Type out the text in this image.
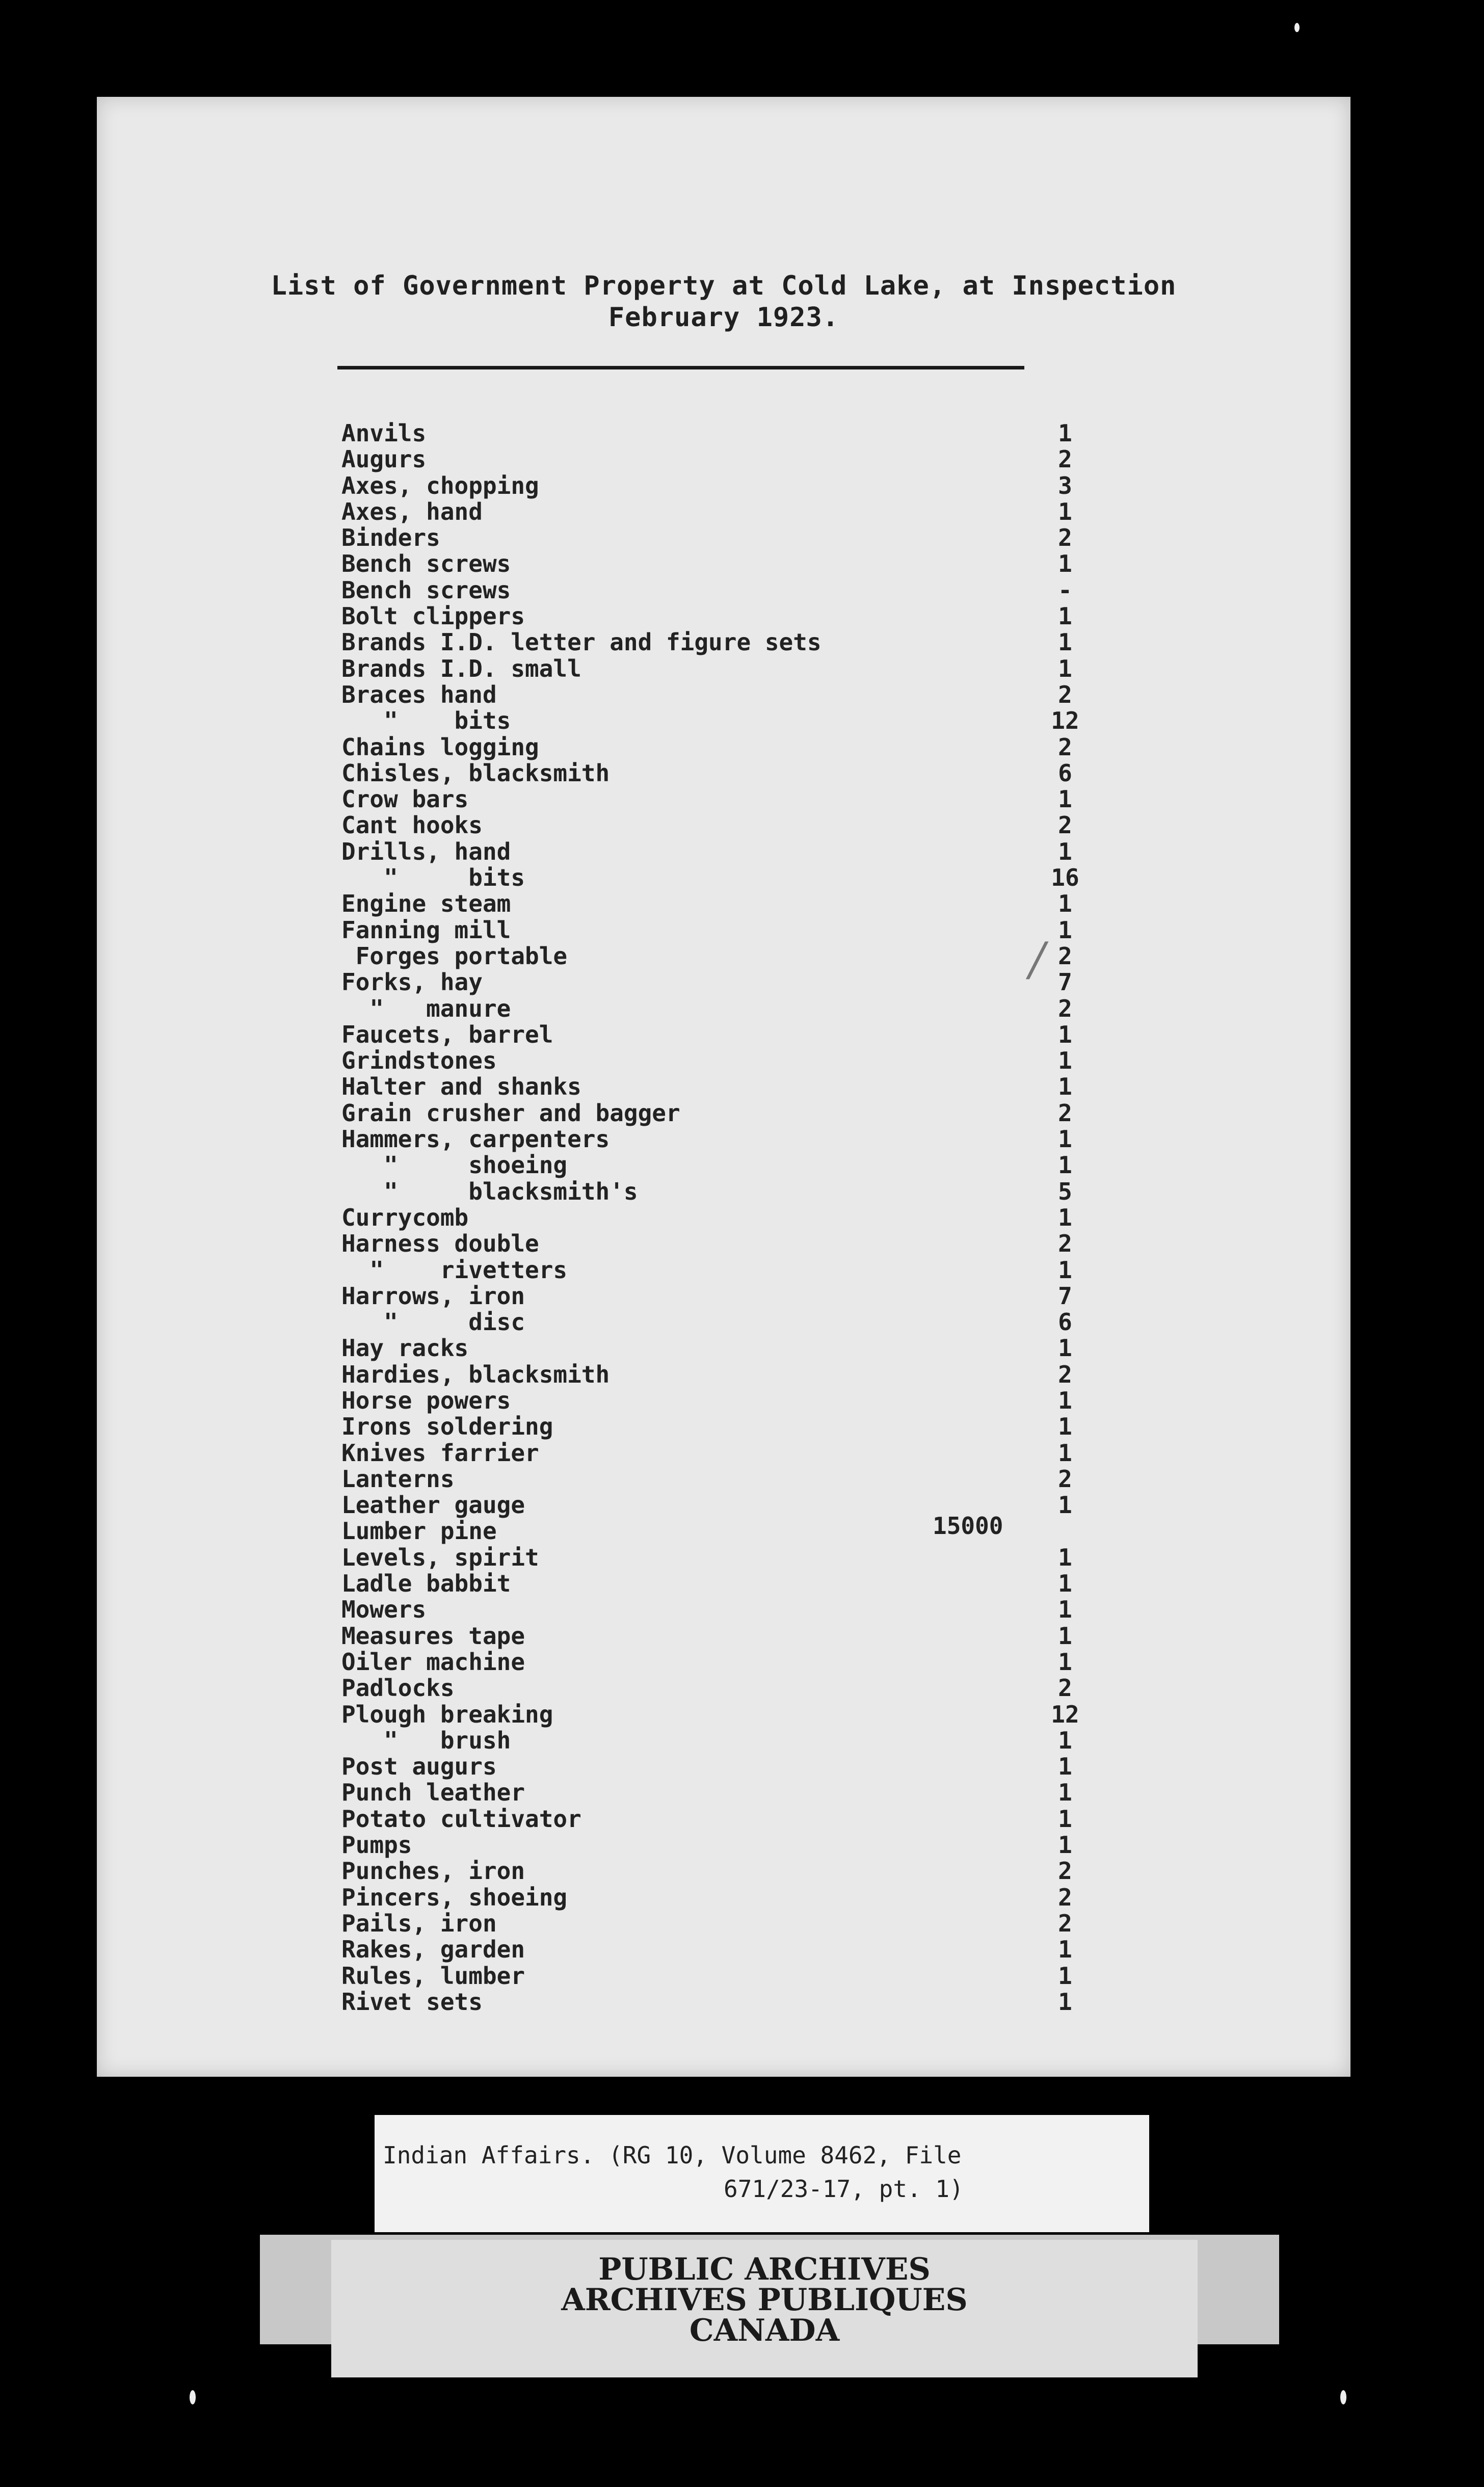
List of Government Property at Cold Lake, at Inspection
February 1923.
Anvils	1
Augurs	2
Axes, chopping	3
Axes, hand	1
Binders	2
Bench screws	1
Bench screws	-
Bolt clippers	1
Brands I.D. letter and figure sets	1
Brands I.D. small	1
Braces hand	2
"    bits	12
Chains logging	2
Chisles, blacksmith	6
Crow bars	1
Cant hooks	2
Drills, hand	1
"     bits	16
Engine steam	1
Fanning mill	1
Forges portable	2
Forks, hay	7
"   manure	2
Faucets, barrel	1
Grindstones	1
Halter and shanks	1
Grain crusher and bagger	2
Hammers, carpenters	1
"     shoeing	1
"     blacksmith's	5
Currycomb	1
Harness double	2
"    rivetters	1
Harrows, iron	7
"     disc	6
Hay racks	1
Hardies, blacksmith	2
Horse powers	1
Irons soldering	1
Knives farrier	1
Lanterns	2
Leather gauge	1
Lumber pine	15000
Levels, spirit	1
Ladle babbit	1
Mowers	1
Measures tape	1
Oiler machine	1
Padlocks	2
Plough breaking	12
"   brush	1
Post augurs	1
Punch leather	1
Potato cultivator	1
Pumps	1
Punches, iron	2
Pincers, shoeing	2
Pails, iron	2
Rakes, garden	1
Rules, lumber	1
Rivet sets	1
∕
Indian Affairs. (RG 10, Volume 8462, File
671/23-17, pt. 1)
PUBLIC ARCHIVES
ARCHIVES PUBLIQUES
CANADA
